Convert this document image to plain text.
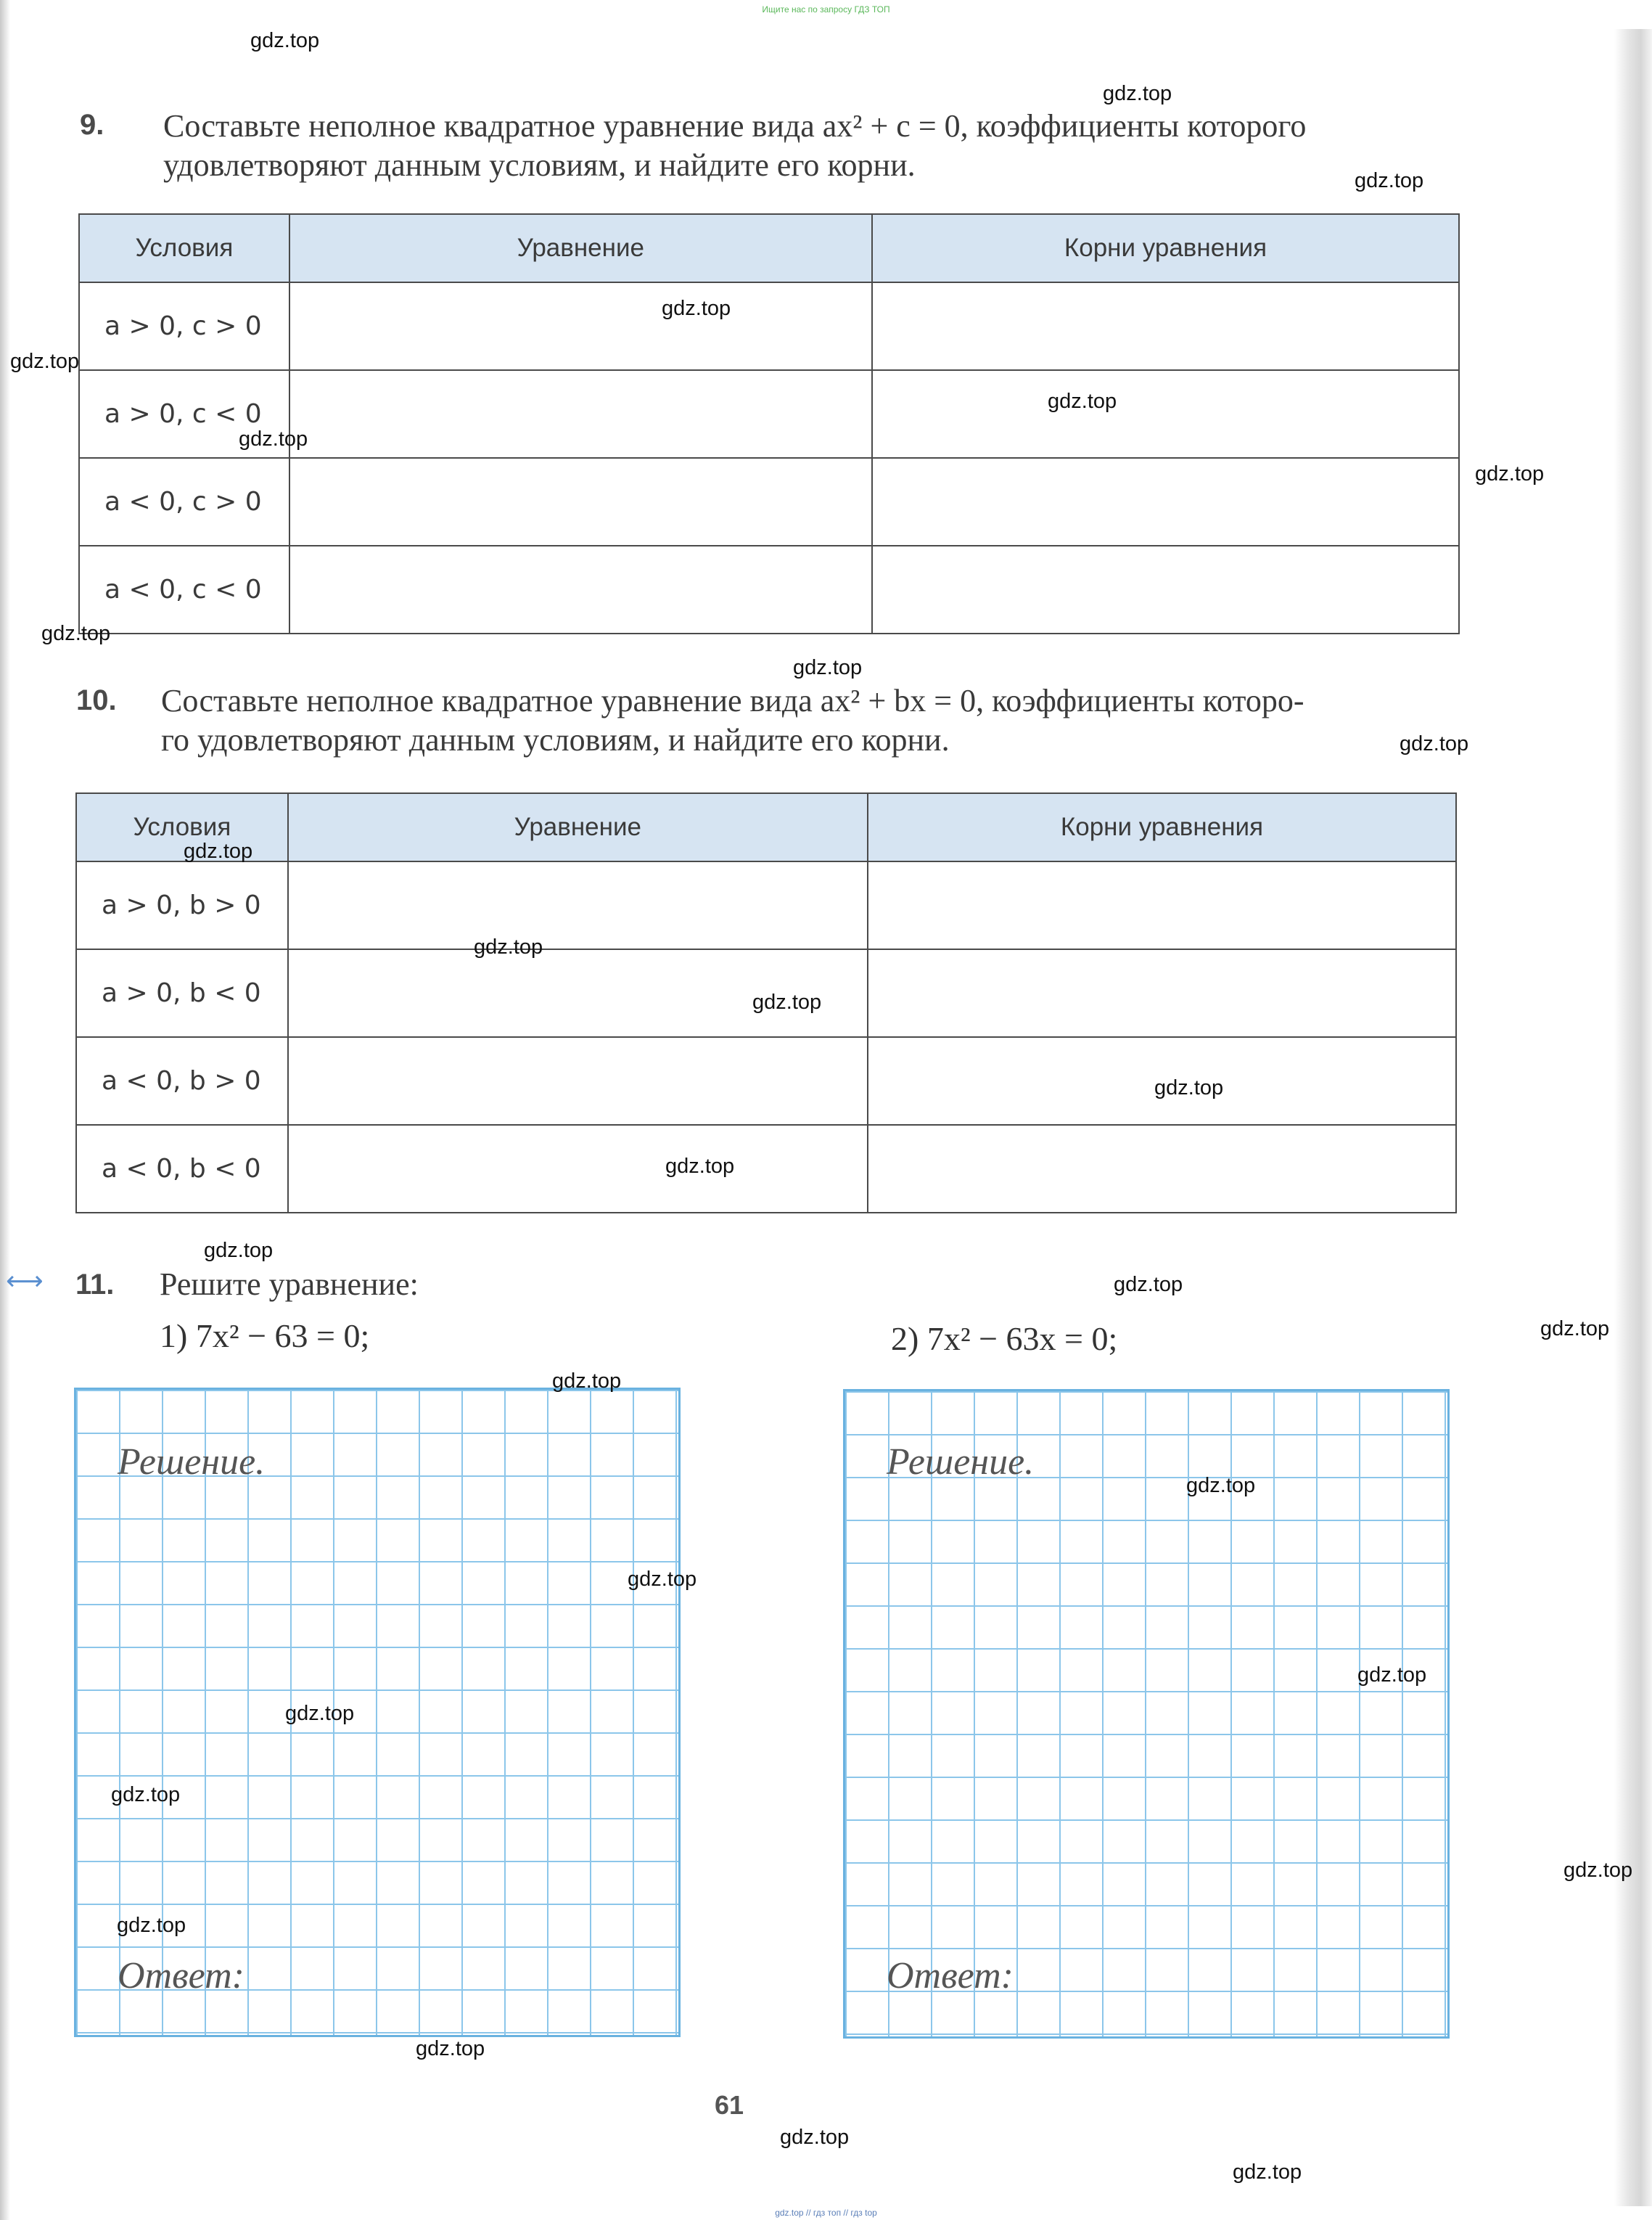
Ищите нас по запросу ГДЗ ТОП
9. Составьте неполное квадратное уравнение вида ax² + c = 0, коэффициенты которого
удовлетворяют данным условиям, и найдите его корни.
Условия	Уравнение	Корни уравнения
a > 0, c > 0		
a > 0, c < 0		
a < 0, c > 0		
a < 0, c < 0		
10. Составьте неполное квадратное уравнение вида ax² + bx = 0, коэффициенты которо-
го удовлетворяют данным условиям, и найдите его корни.
Условия	Уравнение	Корни уравнения
a > 0, b > 0		
a > 0, b < 0		
a < 0, b > 0		
a < 0, b < 0		
⟷ 11. Решите уравнение:
1) 7x² − 63 = 0;	2) 7x² − 63x = 0;
Решение.
Ответ:
Решение.
Ответ:
61
gdz.top
gdz.top
gdz.top
gdz.top
gdz.top
gdz.top
gdz.top
gdz.top
gdz.top
gdz.top
gdz.top
gdz.top
gdz.top
gdz.top
gdz.top
gdz.top
gdz.top
gdz.top
gdz.top
gdz.top
gdz.top
gdz.top
gdz.top
gdz.top
gdz.top
gdz.top
gdz.top
gdz.top
gdz.top
gdz.top
gdz.top // гдз топ // гдз top
